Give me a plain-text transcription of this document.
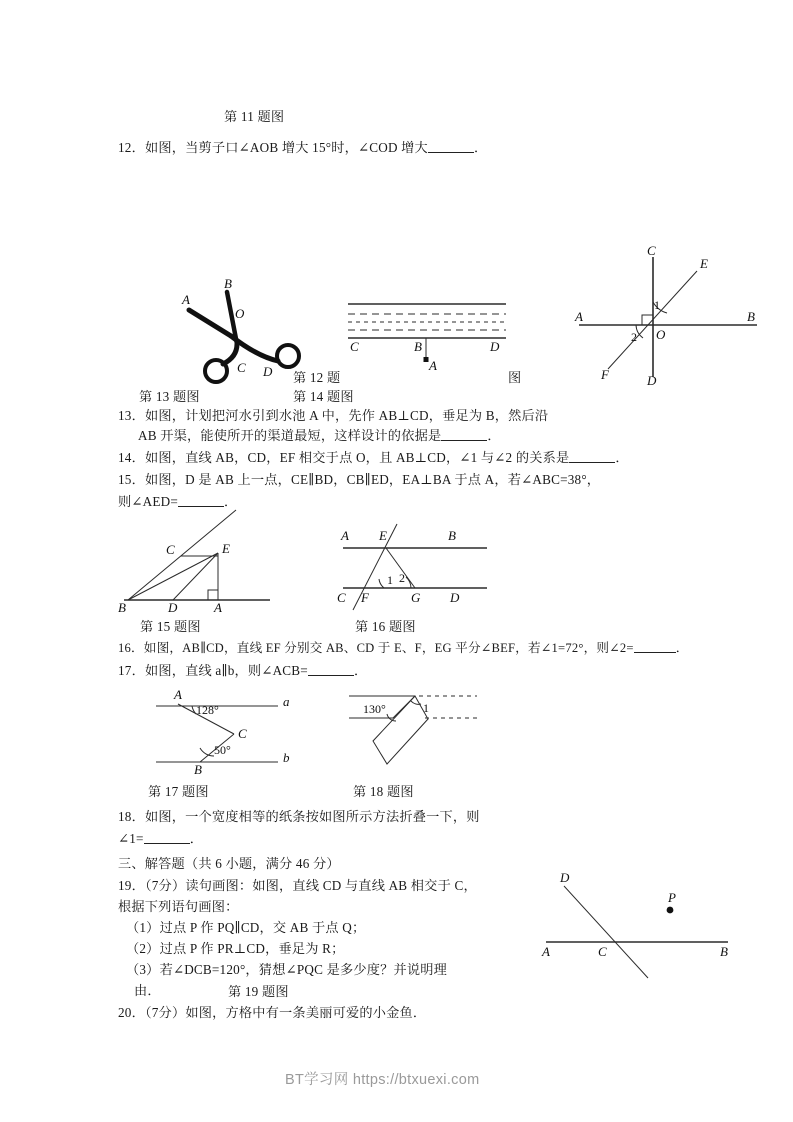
第 11 题图
12．如图，当剪子口∠AOB 增大 15°时，∠COD 增大	．
B
A
O
C D
C	B	D
A
C
E
A	B
O
F	D
1
2
第 12 题	图
第 13 题图	第 14 题图
13．如图，计划把河水引到水池 A 中，先作 AB⊥CD，垂足为 B，然后沿
AB 开渠，能使所开的渠道最短，这样设计的依据是	．
14．如图，直线 AB，CD，EF 相交于点 O，且 AB⊥CD，∠1 与∠2 的关系是	．
15．如图，D 是 AB 上一点，CE∥BD，CB∥ED，EA⊥BA 于点 A，若∠ABC=38°，
则∠AED=	．
C	E
B	D	A
A E	B
C F	G D
1 2
第 15 题图	第 16 题图
16．如图，AB∥CD，直线 EF 分别交 AB、CD 于 E、F，EG 平分∠BEF，若∠1=72°，则∠2=	．
17．如图，直线 a∥b，则∠ACB=	．
A
C
B
a
b
128°
50°
130°	1
第 17 题图	第 18 题图
18．如图，一个宽度相等的纸条按如图所示方法折叠一下，则
∠1=	．
三、解答题（共 6 小题，满分 46 分）
19．（7分）读句画图：如图，直线 CD 与直线 AB 相交于 C，
根据下列语句画图：
（1）过点 P 作 PQ∥CD，交 AB 于点 Q；
（2）过点 P 作 PR⊥CD，垂足为 R；
（3）若∠DCB=120°，猜想∠PQC 是多少度？并说明理
由．	第 19 题图
D
P
A	C	B
20．（7分）如图，方格中有一条美丽可爱的小金鱼．
BT学习网 https://btxuexi.com
